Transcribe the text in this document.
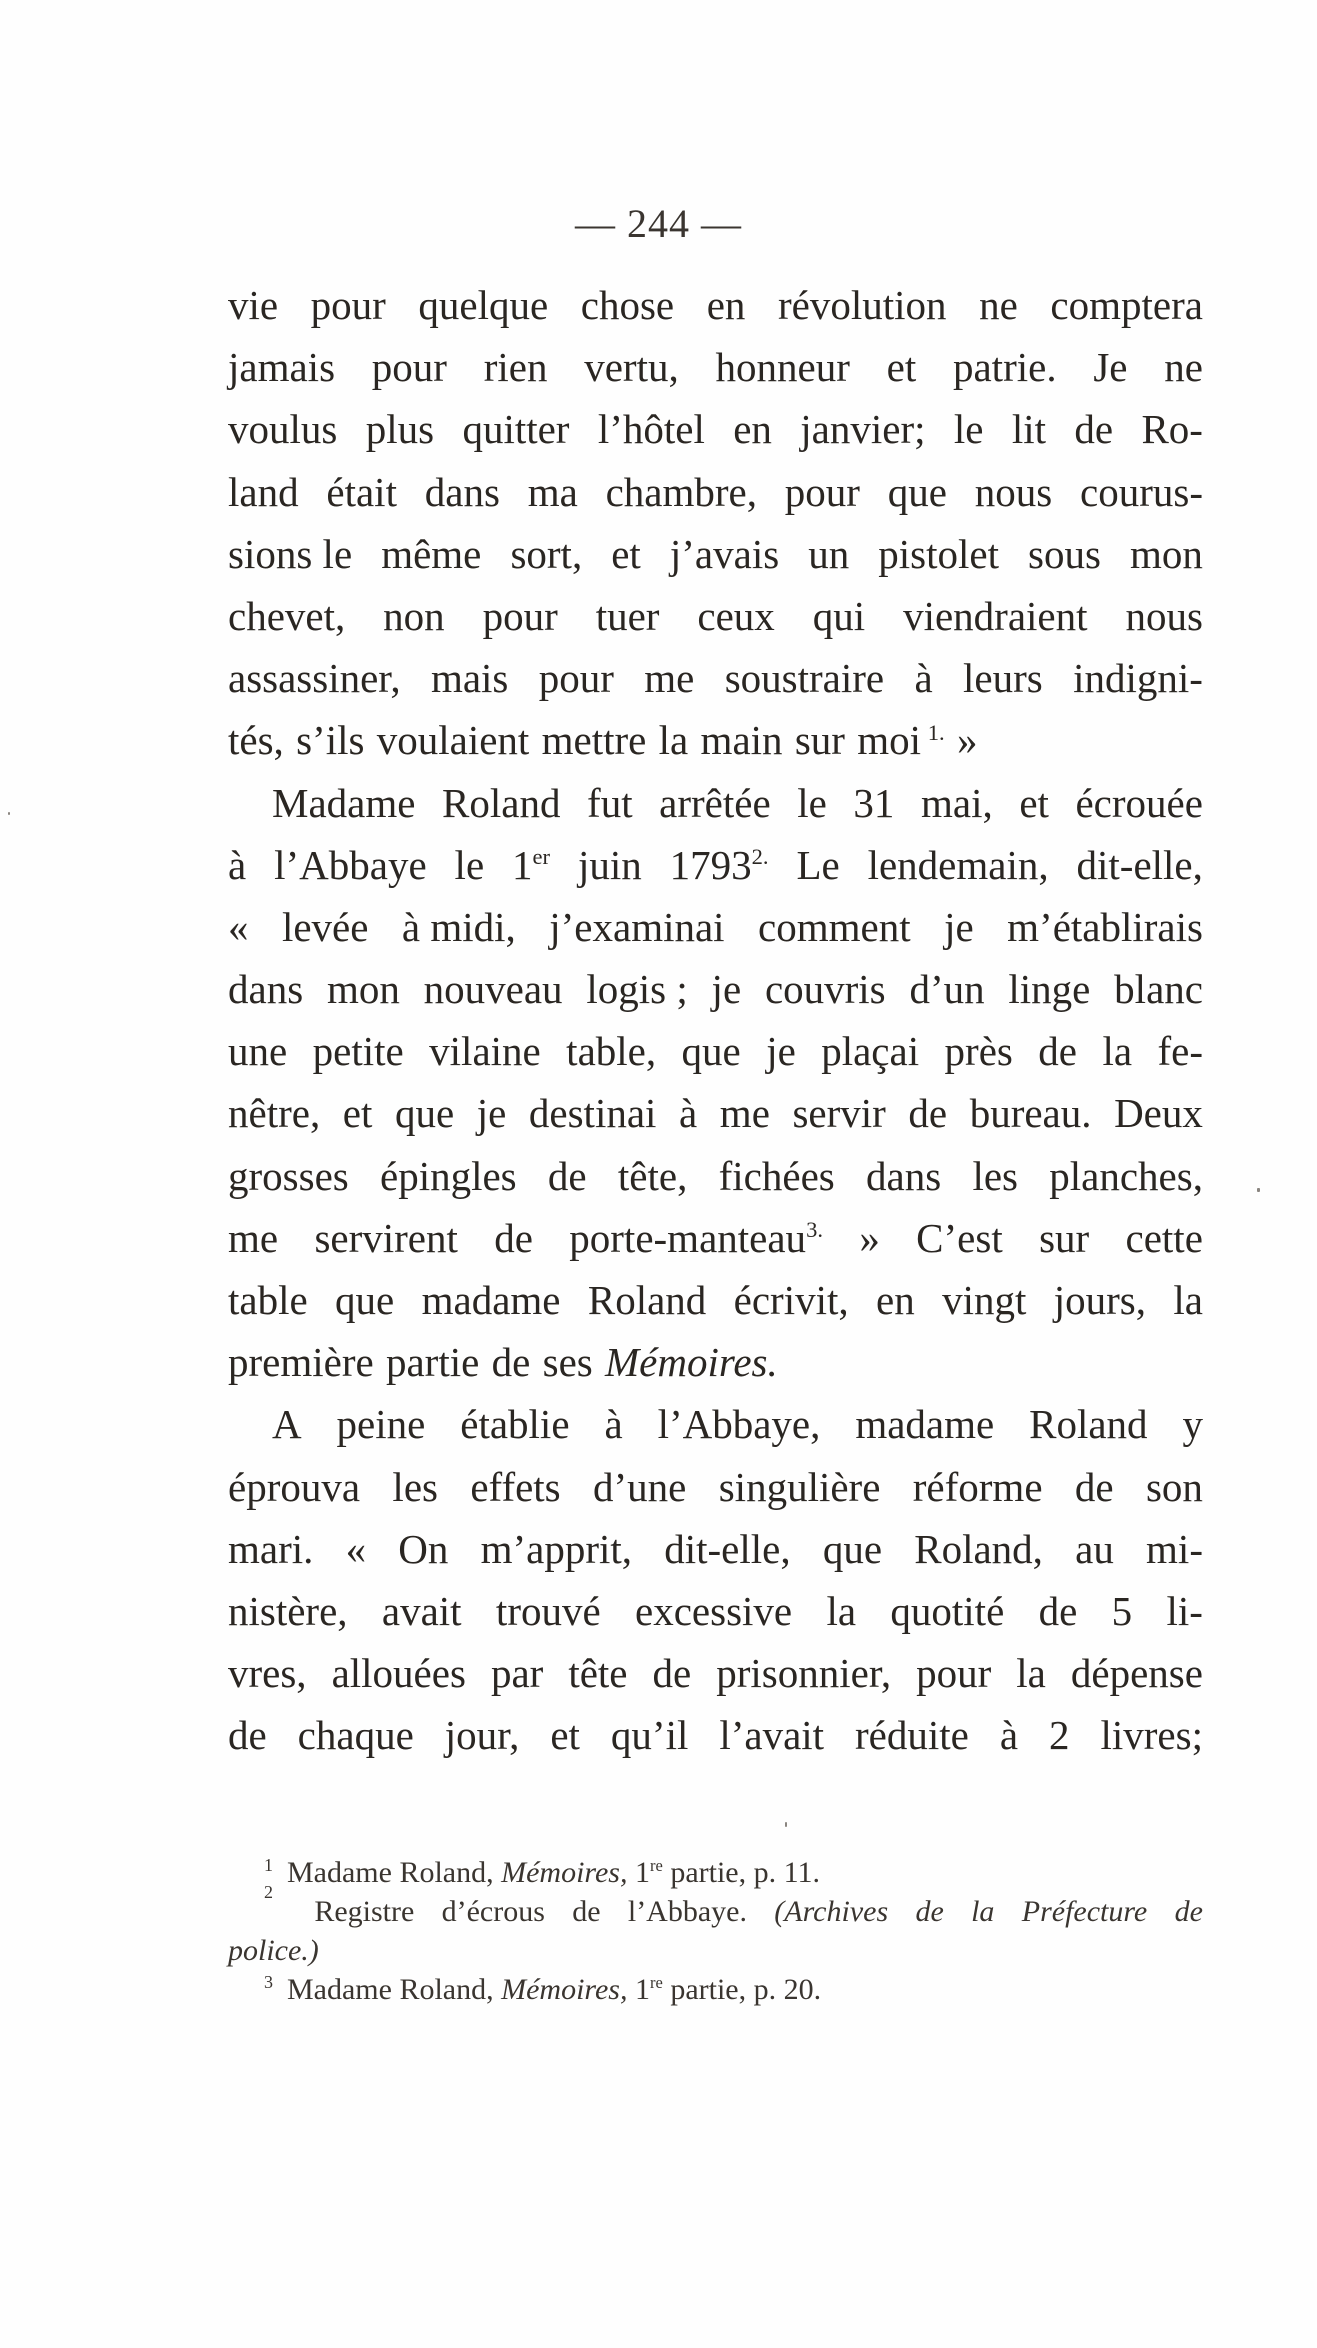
— 244 —
vie pour quelque chose en révolution ne comptera
jamais pour rien vertu, honneur et patrie. Je ne
voulus plus quitter l’hôtel en janvier; le lit de Ro-
land était dans ma chambre, pour que nous courus-
sions le même sort, et j’avais un pistolet sous mon
chevet, non pour tuer ceux qui viendraient nous
assassiner, mais pour me soustraire à leurs indigni-
tés, s’ils voulaient mettre la main sur moi 1. »
Madame Roland fut arrêtée le 31 mai, et écrouée
à l’Abbaye le 1er juin 17932. Le lendemain, dit-elle,
« levée à midi, j’examinai comment je m’établirais
dans mon nouveau logis ; je couvris d’un linge blanc
une petite vilaine table, que je plaçai près de la fe-
nêtre, et que je destinai à me servir de bureau. Deux
grosses épingles de tête, fichées dans les planches,
me servirent de porte-manteau3. » C’est sur cette
table que madame Roland écrivit, en vingt jours, la
première partie de ses Mémoires.
A peine établie à l’Abbaye, madame Roland y
éprouva les effets d’une singulière réforme de son
mari. « On m’apprit, dit-elle, que Roland, au mi-
nistère, avait trouvé excessive la quotité de 5 li-
vres, allouées par tête de prisonnier, pour la dépense
de chaque jour, et qu’il l’avait réduite à 2 livres;
$^1$ Madame Roland, Mémoires, 1re partie, p. 11.
2
Registre d’écrous de l’Abbaye. (Archives de la Préfecture de
police.)
$^3$ Madame Roland, Mémoires, 1re partie, p. 20.
